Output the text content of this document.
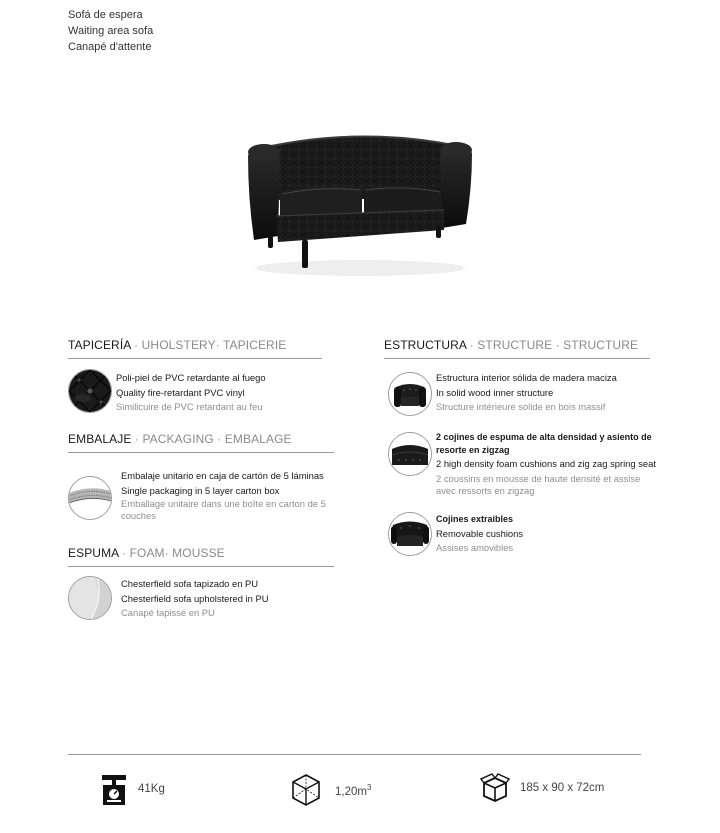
Sofá de espera
Waiting area sofa
Canapé d'attente
TAPICERÍA · UHOLSTERY· TAPICERIE
Poli-piel de PVC retardante al fuego
Quality fire-retardant PVC vinyl
Similicuire de PVC retardant au feu
EMBALAJE · PACKAGING · EMBALAGE
Embalaje unitario en caja de cartón de 5 láminas
Single packaging in 5 layer carton box
Emballage unitaire dans une boîte en carton de 5 couches
ESPUMA · FOAM· MOUSSE
Chesterfield sofa tapizado en PU
Chesterfield sofa upholstered in PU
Canapé tapissé en PU
ESTRUCTURA · STRUCTURE · STRUCTURE
Estructura interior sólida de madera maciza
In solid wood inner structure
Structure intérieure solide en bois massif
2 cojines de espuma de alta densidad y asiento de resorte en zigzag
2 high density foam cushions and zig zag spring seat
2 coussins en mousse de haute densité et assise avec ressorts en zigzag
Cojines extraibles
Removable cushions
Assises amovibles
41Kg	$1,20m^3$	185 x 90 x 72cm
